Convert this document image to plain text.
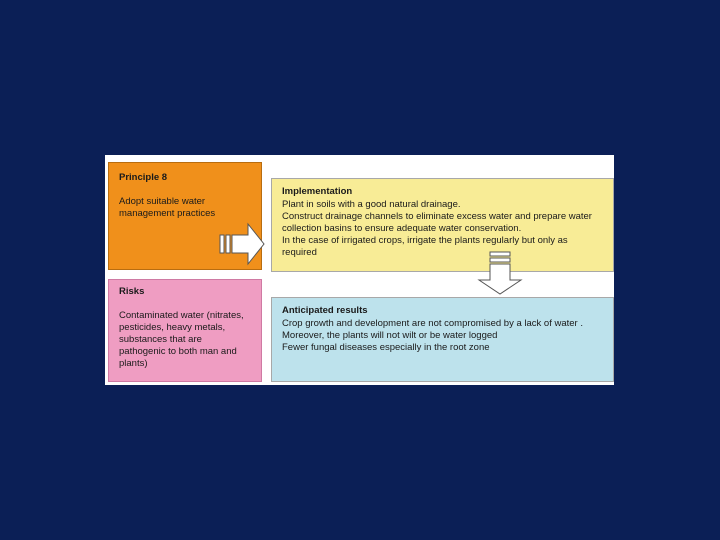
Principle 8

Adopt suitable water management practices

Risks

Contaminated water (nitrates, pesticides, heavy metals, substances that are pathogenic to both man and plants)

Implementation

Plant in soils with a good natural drainage.

Construct drainage channels to eliminate excess water and prepare water collection basins to ensure adequate water conservation.

In the case of irrigated crops, irrigate the plants regularly but only as required

Anticipated results

Crop growth and development are not compromised by a lack of water . Moreover, the plants will not wilt or be water logged

Fewer fungal diseases especially in the root zone
